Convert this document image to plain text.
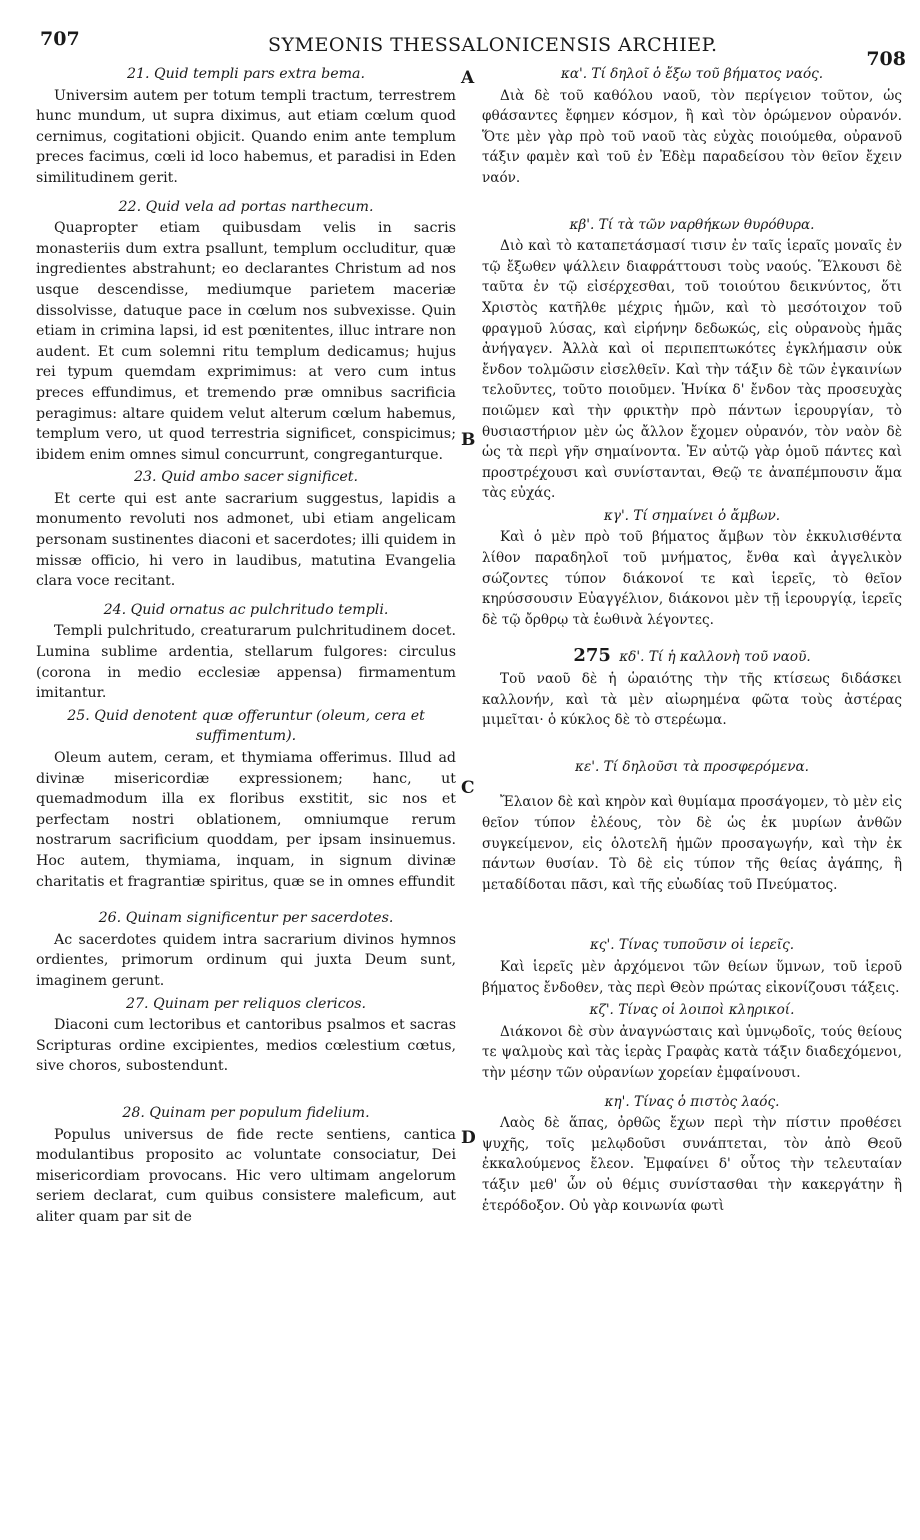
707	SYMEONIS THESSALONICENSIS ARCHIEP.
708
A
B
C
D
21. Quid templi pars extra bema.

Universim autem per totum templi tractum, terrestrem hunc mundum, ut supra diximus, aut etiam cœlum quod cernimus, cogitationi objicit. Quando enim ante templum preces facimus, cœli id loco habemus, et paradisi in Eden similitudinem gerit.

22. Quid vela ad portas narthecum.

Quapropter etiam quibusdam velis in sacris monasteriis dum extra psallunt, templum occluditur, quæ ingredientes abstrahunt; eo declarantes Christum ad nos usque descendisse, mediumque parietem maceriæ dissolvisse, datuque pace in cœlum nos subvexisse. Quin etiam in crimina lapsi, id est pœnitentes, illuc intrare non audent. Et cum solemni ritu templum dedicamus; hujus rei typum quemdam exprimimus: at vero cum intus preces effundimus, et tremendo præ omnibus sacrificia peragimus: altare quidem velut alterum cœlum habemus, templum vero, ut quod terrestria significet, conspicimus; ibidem enim omnes simul concurrunt, congreganturque.

23. Quid ambo sacer significet.

Et certe qui est ante sacrarium suggestus, lapidis a monumento revoluti nos admonet, ubi etiam angelicam personam sustinentes diaconi et sacerdotes; illi quidem in missæ officio, hi vero in laudibus, matutina Evangelia clara voce recitant.

24. Quid ornatus ac pulchritudo templi.

Templi pulchritudo, creaturarum pulchritudinem docet. Lumina sublime ardentia, stellarum fulgores: circulus (corona in medio ecclesiæ appensa) firmamentum imitantur.

25. Quid denotent quæ offeruntur (oleum, cera et suffimentum).

Oleum autem, ceram, et thymiama offerimus. Illud ad divinæ misericordiæ expressionem; hanc, ut quemadmodum illa ex floribus exstitit, sic nos et perfectam nostri oblationem, omniumque rerum nostrarum sacrificium quoddam, per ipsam insinuemus. Hoc autem, thymiama, inquam, in signum divinæ charitatis et fragrantiæ spiritus, quæ se in omnes effundit

26. Quinam significentur per sacerdotes.

Ac sacerdotes quidem intra sacrarium divinos hymnos ordientes, primorum ordinum qui juxta Deum sunt, imaginem gerunt.

27. Quinam per reliquos clericos.

Diaconi cum lectoribus et cantoribus psalmos et sacras Scripturas ordine excipientes, medios cœlestium cœtus, sive choros, subostendunt.

28. Quinam per populum fidelium.

Populus universus de fide recte sentiens, cantica modulantibus proposito ac voluntate consociatur, Dei misericordiam provocans. Hic vero ultimam angelorum seriem declarat, cum quibus consistere maleficum, aut aliter quam par sit de

κα'. Τί δηλοῖ ὁ ἔξω τοῦ βήματος ναός.

Διὰ δὲ τοῦ καθόλου ναοῦ, τὸν περίγειον τοῦτον, ὡς φθάσαντες ἔφημεν κόσμον, ἢ καὶ τὸν ὁρώμενον οὐρανόν. Ὅτε μὲν γὰρ πρὸ τοῦ ναοῦ τὰς εὐχὰς ποιούμεθα, οὐρανοῦ τάξιν φαμὲν καὶ τοῦ ἐν Ἐδὲμ παραδείσου τὸν θεῖον ἔχειν ναόν.

κβ'. Τί τὰ τῶν ναρθήκων θυρόθυρα.

Διὸ καὶ τὸ καταπετάσμασί τισιν ἐν ταῖς ἱεραῖς μοναῖς ἐν τῷ ἔξωθεν ψάλλειν διαφράττουσι τοὺς ναούς. Ἕλκουσι δὲ ταῦτα ἐν τῷ εἰσέρχεσθαι, τοῦ τοιούτου δεικνύντος, ὅτι Χριστὸς κατῆλθε μέχρις ἡμῶν, καὶ τὸ μεσότοιχον τοῦ φραγμοῦ λύσας, καὶ εἰρήνην δεδωκώς, εἰς οὐρανοὺς ἡμᾶς ἀνήγαγεν. Ἀλλὰ καὶ οἱ περιπεπτωκότες ἐγκλήμασιν οὐκ ἔνδον τολμῶσιν εἰσελθεῖν. Καὶ τὴν τάξιν δὲ τῶν ἐγκαινίων τελοῦντες, τοῦτο ποιοῦμεν. Ἡνίκα δ' ἔνδον τὰς προσευχὰς ποιῶμεν καὶ τὴν φρικτὴν πρὸ πάντων ἱερουργίαν, τὸ θυσιαστήριον μὲν ὡς ἄλλον ἔχομεν οὐρανόν, τὸν ναὸν δὲ ὡς τὰ περὶ γῆν σημαίνοντα. Ἐν αὐτῷ γὰρ ὁμοῦ πάντες καὶ προστρέχουσι καὶ συνίστανται, Θεῷ τε ἀναπέμπουσιν ἅμα τὰς εὐχάς.

κγ'. Τί σημαίνει ὁ ἄμβων.

Καὶ ὁ μὲν πρὸ τοῦ βήματος ἄμβων τὸν ἐκκυλισθέντα λίθον παραδηλοῖ τοῦ μνήματος, ἔνθα καὶ ἀγγελικὸν σώζοντες τύπον διάκονοί τε καὶ ἱερεῖς, τὸ θεῖον κηρύσσουσιν Εὐαγγέλιον, διάκονοι μὲν τῇ ἱερουργίᾳ, ἱερεῖς δὲ τῷ ὄρθρῳ τὰ ἑωθινὰ λέγοντες.

275 κδ'. Τί ἡ καλλονὴ τοῦ ναοῦ.

Τοῦ ναοῦ δὲ ἡ ὡραιότης τὴν τῆς κτίσεως διδάσκει καλλονήν, καὶ τὰ μὲν αἰωρημένα φῶτα τοὺς ἀστέρας μιμεῖται· ὁ κύκλος δὲ τὸ στερέωμα.

κε'. Τί δηλοῦσι τὰ προσφερόμενα.

Ἔλαιον δὲ καὶ κηρὸν καὶ θυμίαμα προσάγομεν, τὸ μὲν εἰς θεῖον τύπον ἐλέους, τὸν δὲ ὡς ἐκ μυρίων ἀνθῶν συγκείμενον, εἰς ὁλοτελῆ ἡμῶν προσαγωγήν, καὶ τὴν ἐκ πάντων θυσίαν. Τὸ δὲ εἰς τύπον τῆς θείας ἀγάπης, ἣ μεταδίδοται πᾶσι, καὶ τῆς εὐωδίας τοῦ Πνεύματος.

κς'. Τίνας τυποῦσιν οἱ ἱερεῖς.

Καὶ ἱερεῖς μὲν ἀρχόμενοι τῶν θείων ὕμνων, τοῦ ἱεροῦ βήματος ἔνδοθεν, τὰς περὶ Θεὸν πρώτας εἰκονίζουσι τάξεις.

κζ'. Τίνας οἱ λοιποὶ κληρικοί.

Διάκονοι δὲ σὺν ἀναγνώσταις καὶ ὑμνῳδοῖς, τούς θείους τε ψαλμοὺς καὶ τὰς ἱερὰς Γραφὰς κατὰ τάξιν διαδεχόμενοι, τὴν μέσην τῶν οὐρανίων χορείαν ἐμφαίνουσι.

κη'. Τίνας ὁ πιστὸς λαός.

Λαὸς δὲ ἅπας, ὀρθῶς ἔχων περὶ τὴν πίστιν προθέσει ψυχῆς, τοῖς μελῳδοῦσι συνάπτεται, τὸν ἀπὸ Θεοῦ ἐκκαλούμενος ἔλεον. Ἐμφαίνει δ' οὗτος τὴν τελευταίαν τάξιν μεθ' ὧν οὐ θέμις συνίστασθαι τὴν κακεργάτην ἢ ἑτερόδοξον. Οὐ γὰρ κοινωνία φωτὶ
